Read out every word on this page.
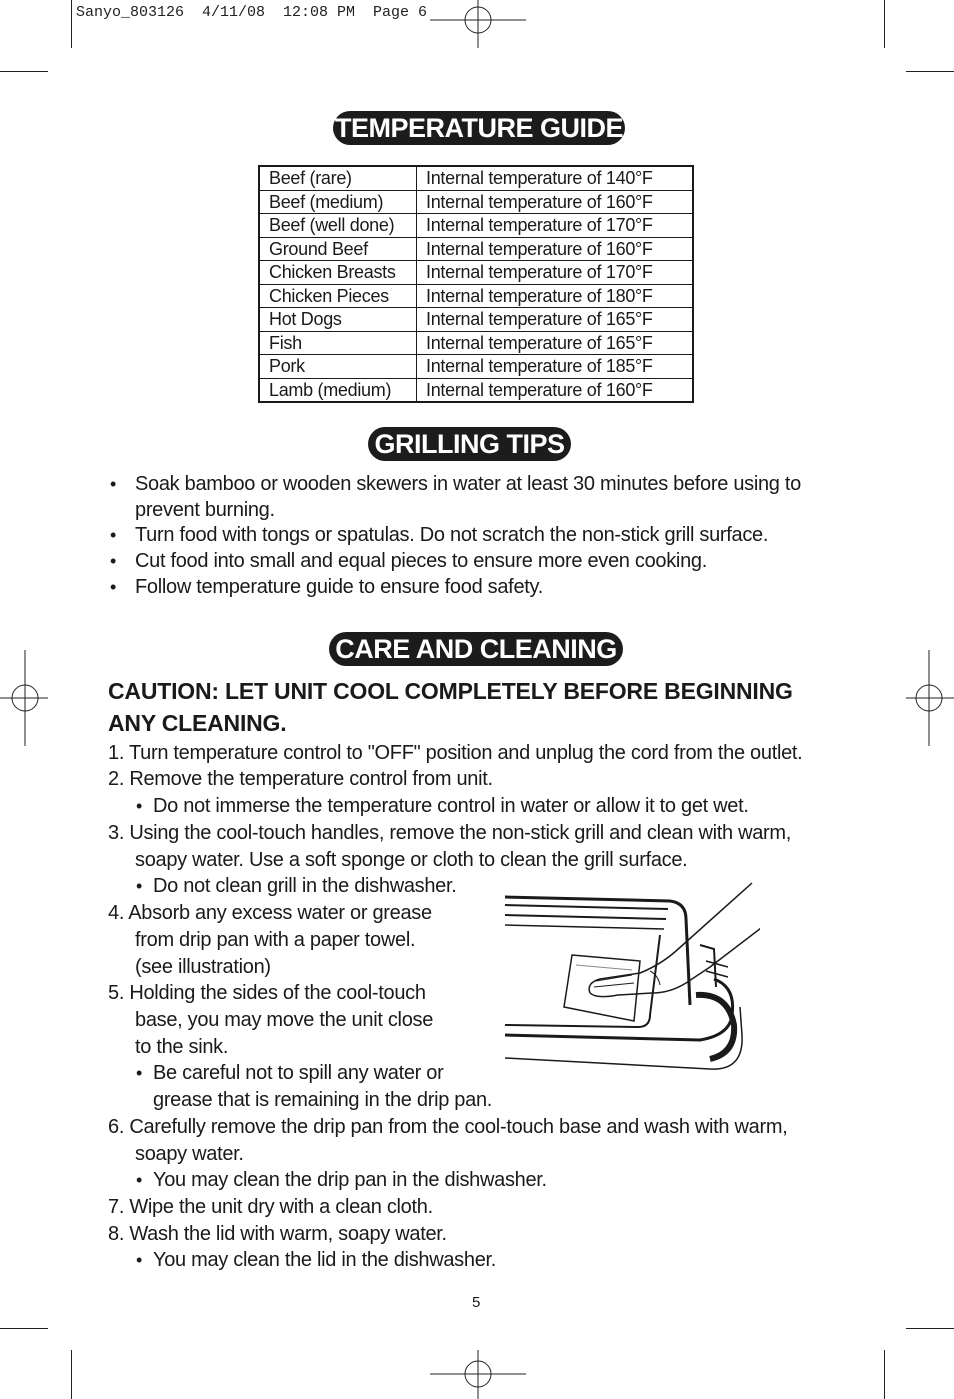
Sanyo_803126  4/11/08  12:08 PM  Page 6
TEMPERATURE GUIDE
Beef (rare)	Internal temperature of 140°F
Beef (medium)	Internal temperature of 160°F
Beef (well done)	Internal temperature of 170°F
Ground Beef	Internal temperature of 160°F
Chicken Breasts	Internal temperature of 170°F
Chicken Pieces	Internal temperature of 180°F
Hot Dogs	Internal temperature of 165°F
Fish	Internal temperature of 165°F
Pork	Internal temperature of 185°F
Lamb (medium)	Internal temperature of 160°F
GRILLING TIPS
• Soak bamboo or wooden skewers in water at least 30 minutes before using to
prevent burning.
• Turn food with tongs or spatulas. Do not scratch the non-stick grill surface.
• Cut food into small and equal pieces to ensure more even cooking.
• Follow temperature guide to ensure food safety.
CARE AND CLEANING
CAUTION: LET UNIT COOL COMPLETELY BEFORE BEGINNING ANY CLEANING.
1. Turn temperature control to "OFF" position and unplug the cord from the outlet.
2. Remove the temperature control from unit.
• Do not immerse the temperature control in water or allow it to get wet.
3. Using the cool-touch handles, remove the non-stick grill and clean with warm,
soapy water. Use a soft sponge or cloth to clean the grill surface.
• Do not clean grill in the dishwasher.
4. Absorb any excess water or grease
from drip pan with a paper towel.
(see illustration)
5. Holding the sides of the cool-touch
base, you may move the unit close
to the sink.
• Be careful not to spill any water or
grease that is remaining in the drip pan.
6. Carefully remove the drip pan from the cool-touch base and wash with warm,
soapy water.
• You may clean the drip pan in the dishwasher.
7. Wipe the unit dry with a clean cloth.
8. Wash the lid with warm, soapy water.
• You may clean the lid in the dishwasher.
5
